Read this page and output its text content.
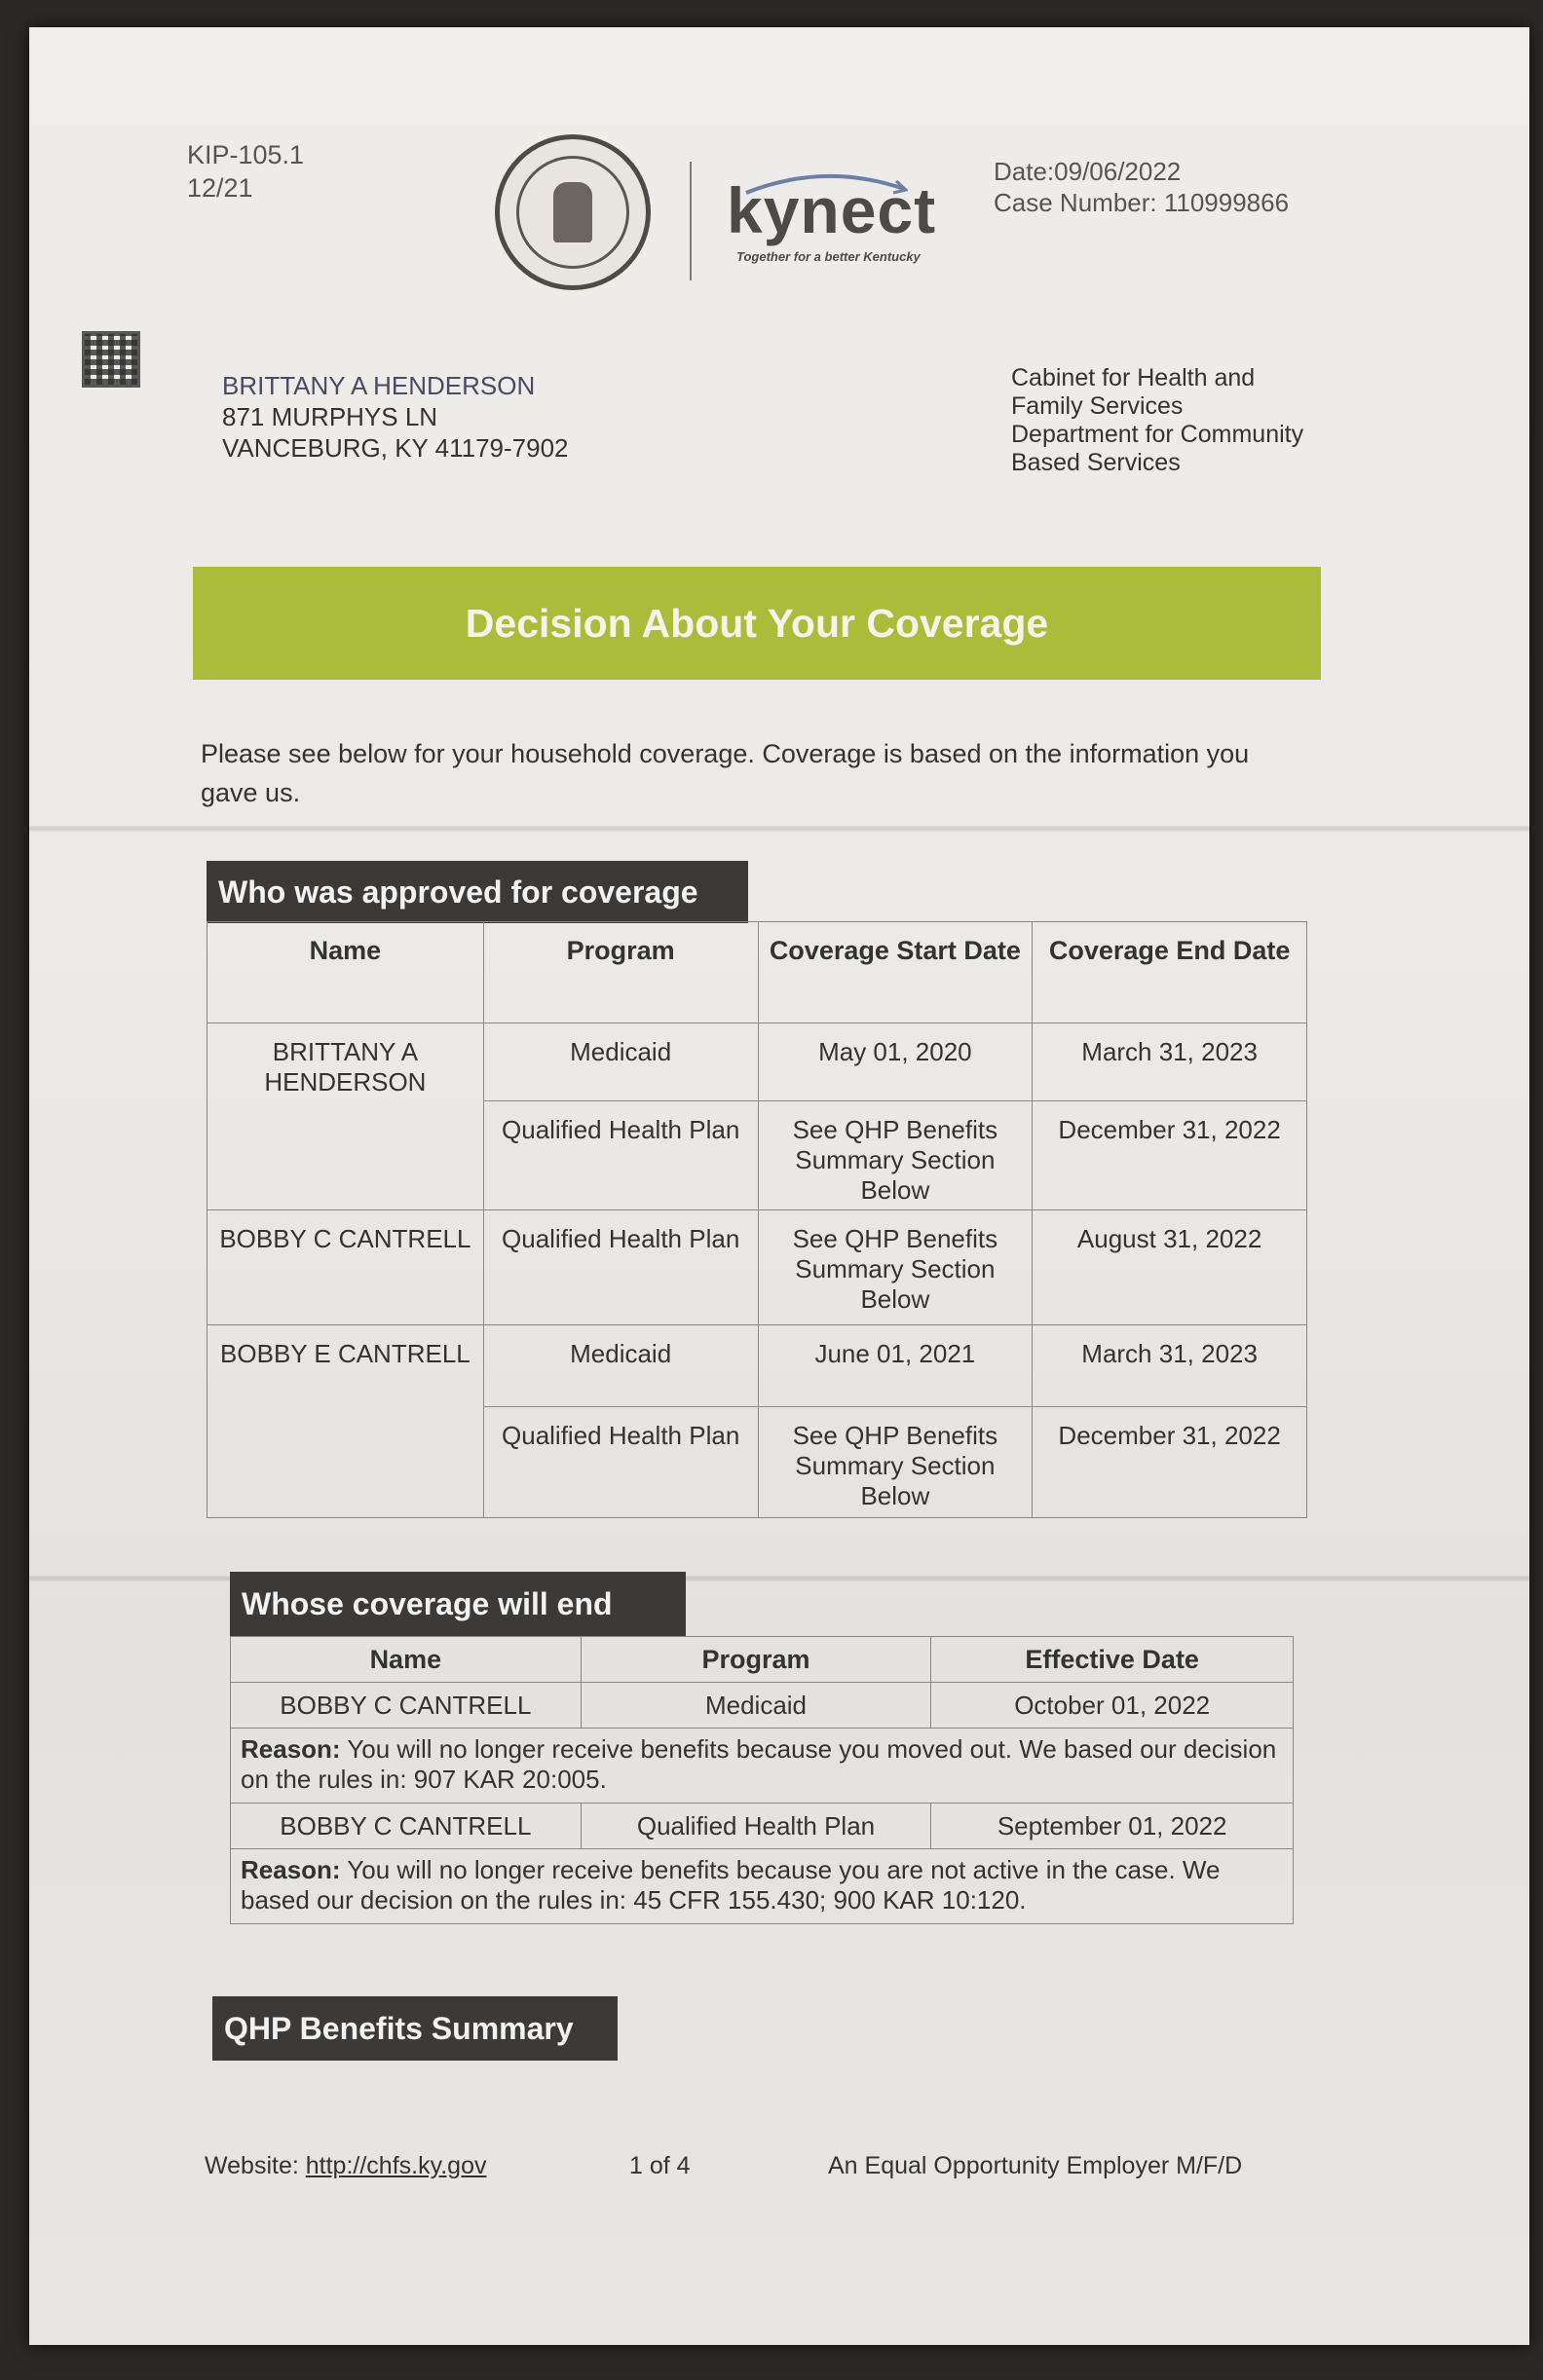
KIP-105.1
12/21	kynect
Together for a better Kentucky
Date:09/06/2022
Case Number: 110999866
BRITTANY A HENDERSON
871 MURPHYS LN
VANCEBURG, KY 41179-7902
Cabinet for Health and
Family Services
Department for Community
Based Services
Decision About Your Coverage
Please see below for your household coverage. Coverage is based on the information you gave us.
Who was approved for coverage
Name	Program	Coverage Start Date	Coverage End Date
BRITTANY A HENDERSON	Medicaid	May 01, 2020	March 31, 2023
	Qualified Health Plan	See QHP Benefits Summary Section Below	December 31, 2022
BOBBY C CANTRELL	Qualified Health Plan	See QHP Benefits Summary Section Below	August 31, 2022
BOBBY E CANTRELL	Medicaid	June 01, 2021	March 31, 2023
	Qualified Health Plan	See QHP Benefits Summary Section Below	December 31, 2022
Whose coverage will end
Name	Program	Effective Date
BOBBY C CANTRELL	Medicaid	October 01, 2022
Reason: You will no longer receive benefits because you moved out. We based our decision on the rules in: 907 KAR 20:005.		
BOBBY C CANTRELL	Qualified Health Plan	September 01, 2022
Reason: You will no longer receive benefits because you are not active in the case. We based our decision on the rules in: 45 CFR 155.430; 900 KAR 10:120.		
QHP Benefits Summary
Website: http://chfs.ky.gov	1 of 4	An Equal Opportunity Employer M/F/D
